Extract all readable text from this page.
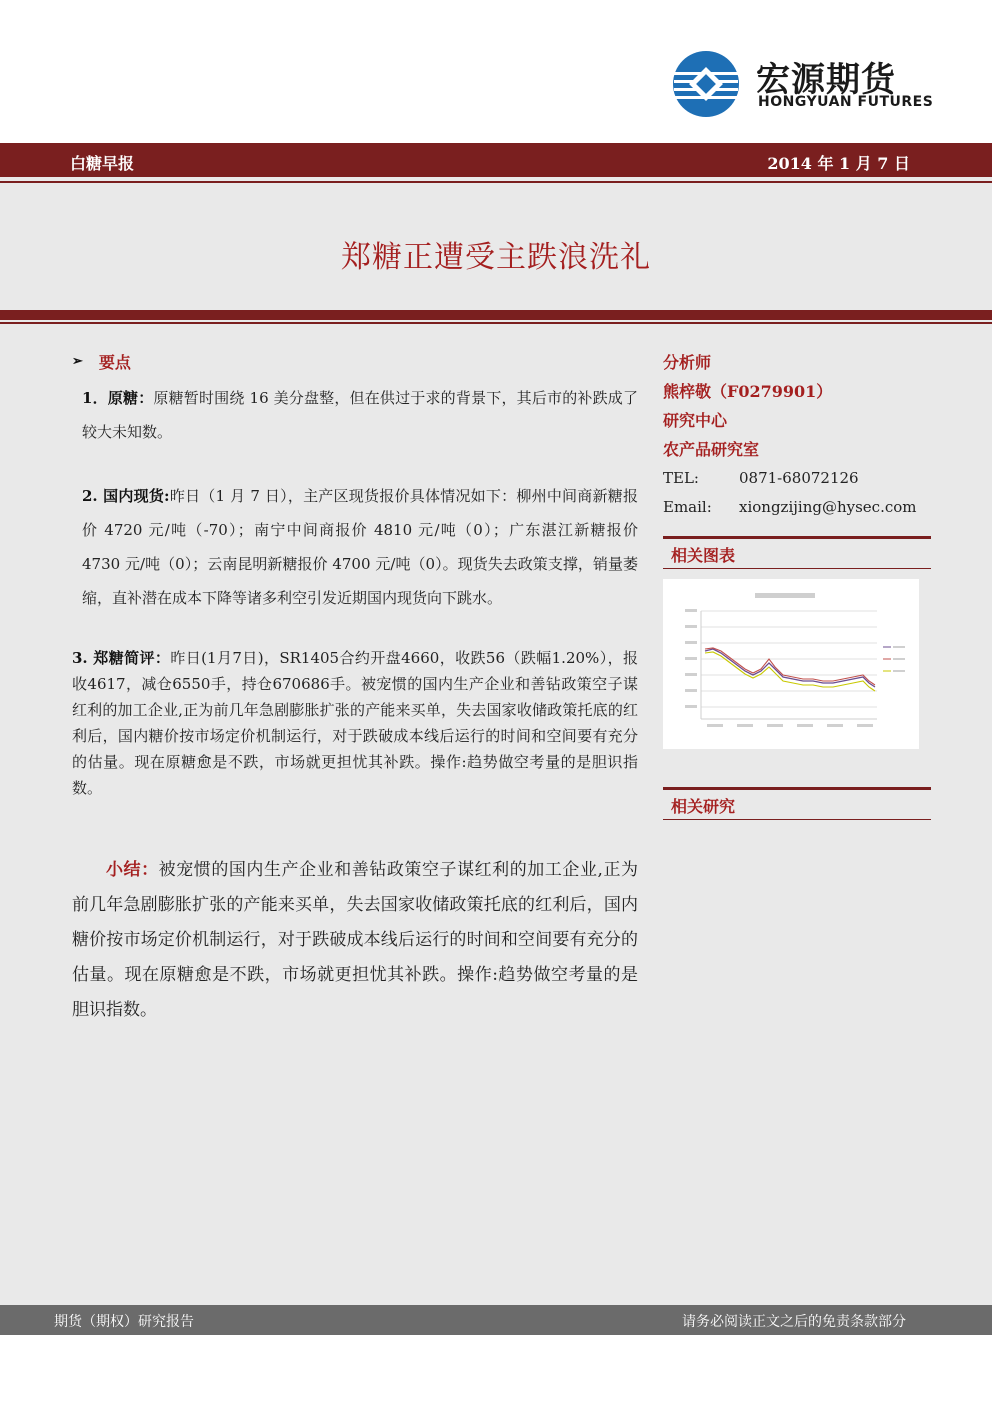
宏源期货
HONGYUAN FUTURES
白糖早报	2014 年 1 月 7 日
郑糖正遭受主跌浪洗礼
➢ 要点

1．原糖：原糖暂时围绕 16 美分盘整，但在供过于求的背景下，其后市的补跌成了较大未知数。

2. 国内现货:昨日（1 月 7 日），主产区现货报价具体情况如下：柳州中间商新糖报价 4720 元/吨（-70）；南宁中间商报价 4810 元/吨（0）；广东湛江新糖报价 4730 元/吨（0）；云南昆明新糖报价 4700 元/吨（0）。现货失去政策支撑，销量萎缩，直补潜在成本下降等诸多利空引发近期国内现货向下跳水。

3. 郑糖简评：昨日(1月7日)，SR1405合约开盘4660，收跌56（跌幅1.20%），报收4617，减仓6550手，持仓670686手。被宠惯的国内生产企业和善钻政策空子谋红利的加工企业,正为前几年急剧膨胀扩张的产能来买单，失去国家收储政策托底的红利后，国内糖价按市场定价机制运行，对于跌破成本线后运行的时间和空间要有充分的估量。现在原糖愈是不跌，市场就更担忧其补跌。操作:趋势做空考量的是胆识指数。

小结：被宠惯的国内生产企业和善钻政策空子谋红利的加工企业,正为前几年急剧膨胀扩张的产能来买单，失去国家收储政策托底的红利后，国内糖价按市场定价机制运行，对于跌破成本线后运行的时间和空间要有充分的估量。现在原糖愈是不跌，市场就更担忧其补跌。操作:趋势做空考量的是胆识指数。

分析师
熊梓敬（F0279901）
研究中心
农产品研究室
TEL:	0871-68072126
Email:	xiongzijing@hysec.com
相关图表
相关研究
期货（期权）研究报告	请务必阅读正文之后的免责条款部分
